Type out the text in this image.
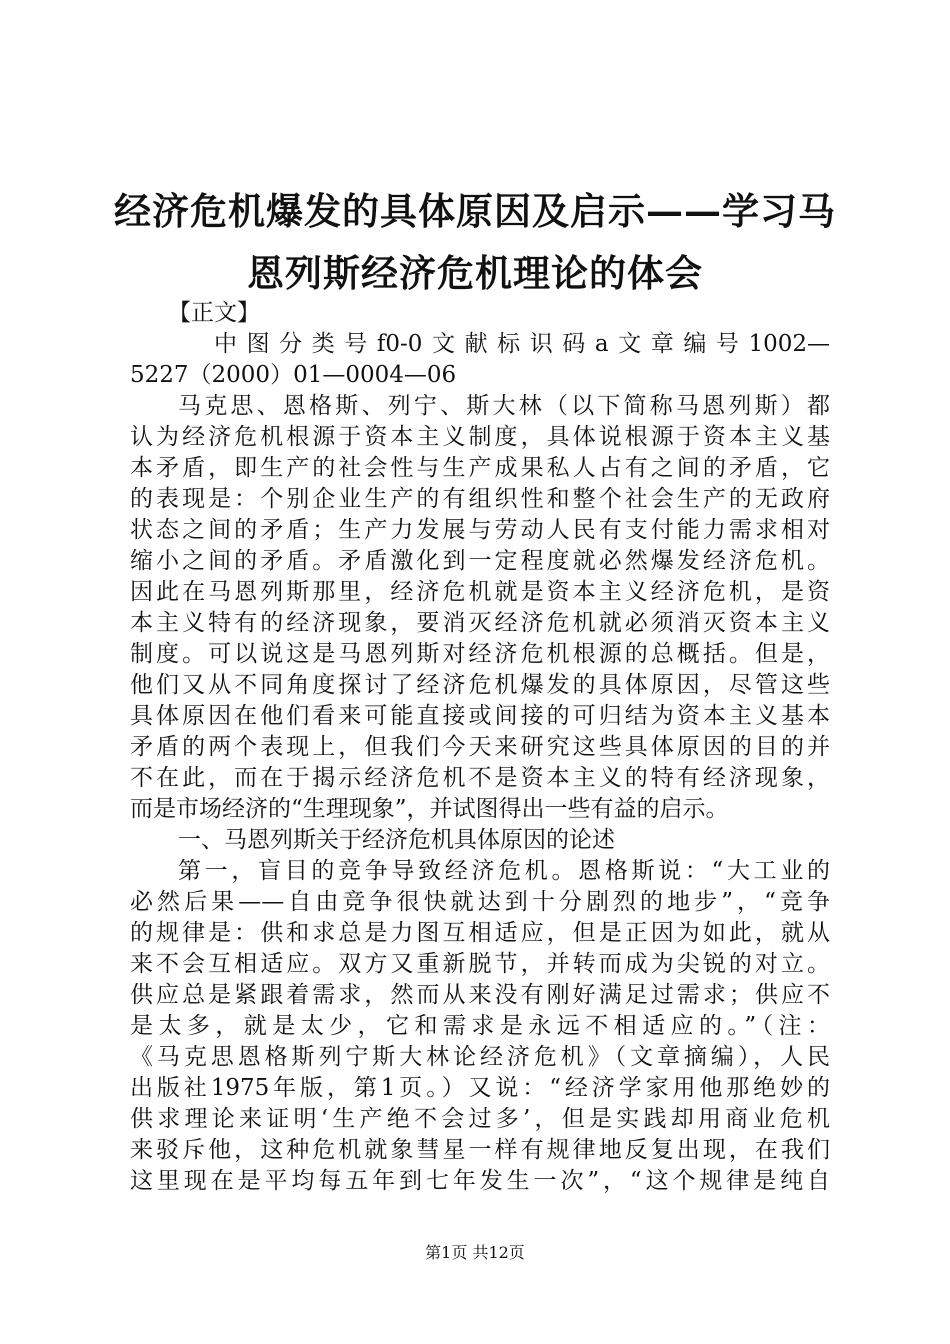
经济危机爆发的具体原因及启示——学习马恩列斯经济危机理论的体会
【正文】
中图分类号f0-0文献标识码a文章编号1002—
5227（2000）01—0004—06
马克思、恩格斯、列宁、斯大林（以下简称马恩列斯）都
认为经济危机根源于资本主义制度，具体说根源于资本主义基
本矛盾，即生产的社会性与生产成果私人占有之间的矛盾，它
的表现是：个别企业生产的有组织性和整个社会生产的无政府
状态之间的矛盾；生产力发展与劳动人民有支付能力需求相对
缩小之间的矛盾。矛盾激化到一定程度就必然爆发经济危机。
因此在马恩列斯那里，经济危机就是资本主义经济危机，是资
本主义特有的经济现象，要消灭经济危机就必须消灭资本主义
制度。可以说这是马恩列斯对经济危机根源的总概括。但是，
他们又从不同角度探讨了经济危机爆发的具体原因，尽管这些
具体原因在他们看来可能直接或间接的可归结为资本主义基本
矛盾的两个表现上，但我们今天来研究这些具体原因的目的并
不在此，而在于揭示经济危机不是资本主义的特有经济现象，
而是市场经济的“生理现象”，并试图得出一些有益的启示。
一、马恩列斯关于经济危机具体原因的论述
第一，盲目的竞争导致经济危机。恩格斯说：“大工业的
必然后果——自由竞争很快就达到十分剧烈的地步”，“竞争
的规律是：供和求总是力图互相适应，但是正因为如此，就从
来不会互相适应。双方又重新脱节，并转而成为尖锐的对立。
供应总是紧跟着需求，然而从来没有刚好满足过需求；供应不
是太多，就是太少，它和需求是永远不相适应的。”（注：
《马克思恩格斯列宁斯大林论经济危机》（文章摘编），人民
出版社1975年版，第1页。）又说：“经济学家用他那绝妙的
供求理论来证明‘生产绝不会过多’，但是实践却用商业危机
来驳斥他，这种危机就象彗星一样有规律地反复出现，在我们
这里现在是平均每五年到七年发生一次”，“这个规律是纯自
第1页 共12页
